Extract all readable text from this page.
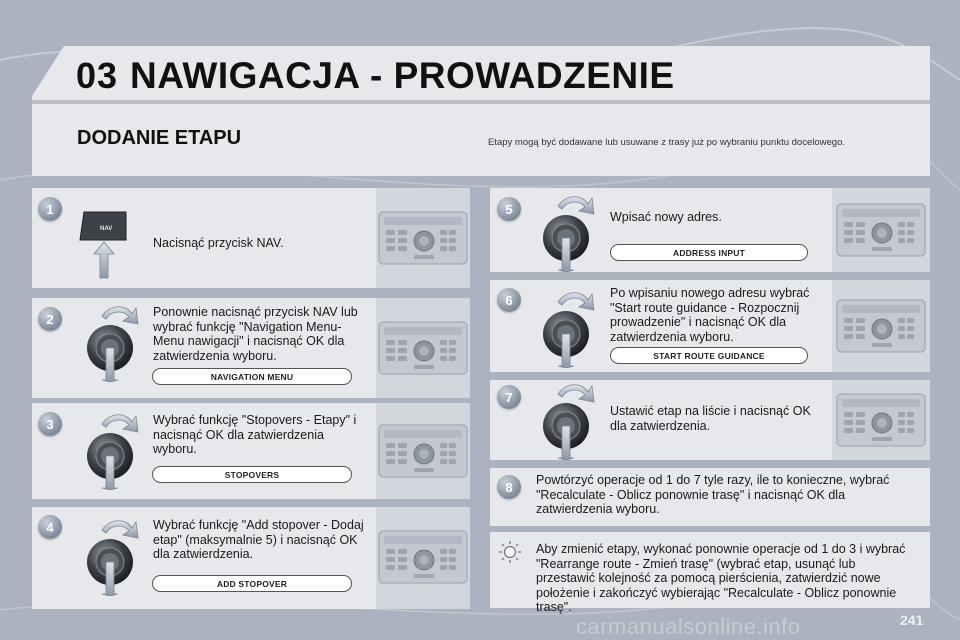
03 NAWIGACJA - PROWADZENIE
DODANIE ETAPU	Etapy mogą być dodawane lub usuwane z trasy już po wybraniu punktu docelowego.
1
NAV
Nacisnąć przycisk NAV.
2	Ponownie nacisnąć przycisk NAV lub wybrać funkcję "Navigation Menu-Menu nawigacji" i nacisnąć OK dla zatwierdzenia wyboru.
NAVIGATION MENU
3	Wybrać funkcję "Stopovers - Etapy" i nacisnąć OK dla zatwierdzenia wyboru.
STOPOVERS
4	Wybrać funkcję "Add stopover - Dodaj etap" (maksymalnie 5) i nacisnąć OK dla zatwierdzenia.
ADD STOPOVER
5
Wpisać nowy adres.
ADDRESS INPUT
6	Po wpisaniu nowego adresu wybrać "Start route guidance - Rozpocznij prowadzenie" i nacisnąć OK dla zatwierdzenia wyboru.
START ROUTE GUIDANCE
7
Ustawić etap na liście i nacisnąć OK dla zatwierdzenia.
8	Powtórzyć operacje od 1 do 7 tyle razy, ile to konieczne, wybrać "Recalculate - Oblicz ponownie trasę" i nacisnąć OK dla zatwierdzenia wyboru.
Aby zmienić etapy, wykonać ponownie operacje od 1 do 3 i wybrać "Rearrange route - Zmień trasę" (wybrać etap, usunąć lub przestawić kolejność za pomocą pierścienia, zatwierdzić nowe położenie i zakończyć wybierając "Recalculate - Oblicz ponownie trasę".
carmanualsonline.info	241
